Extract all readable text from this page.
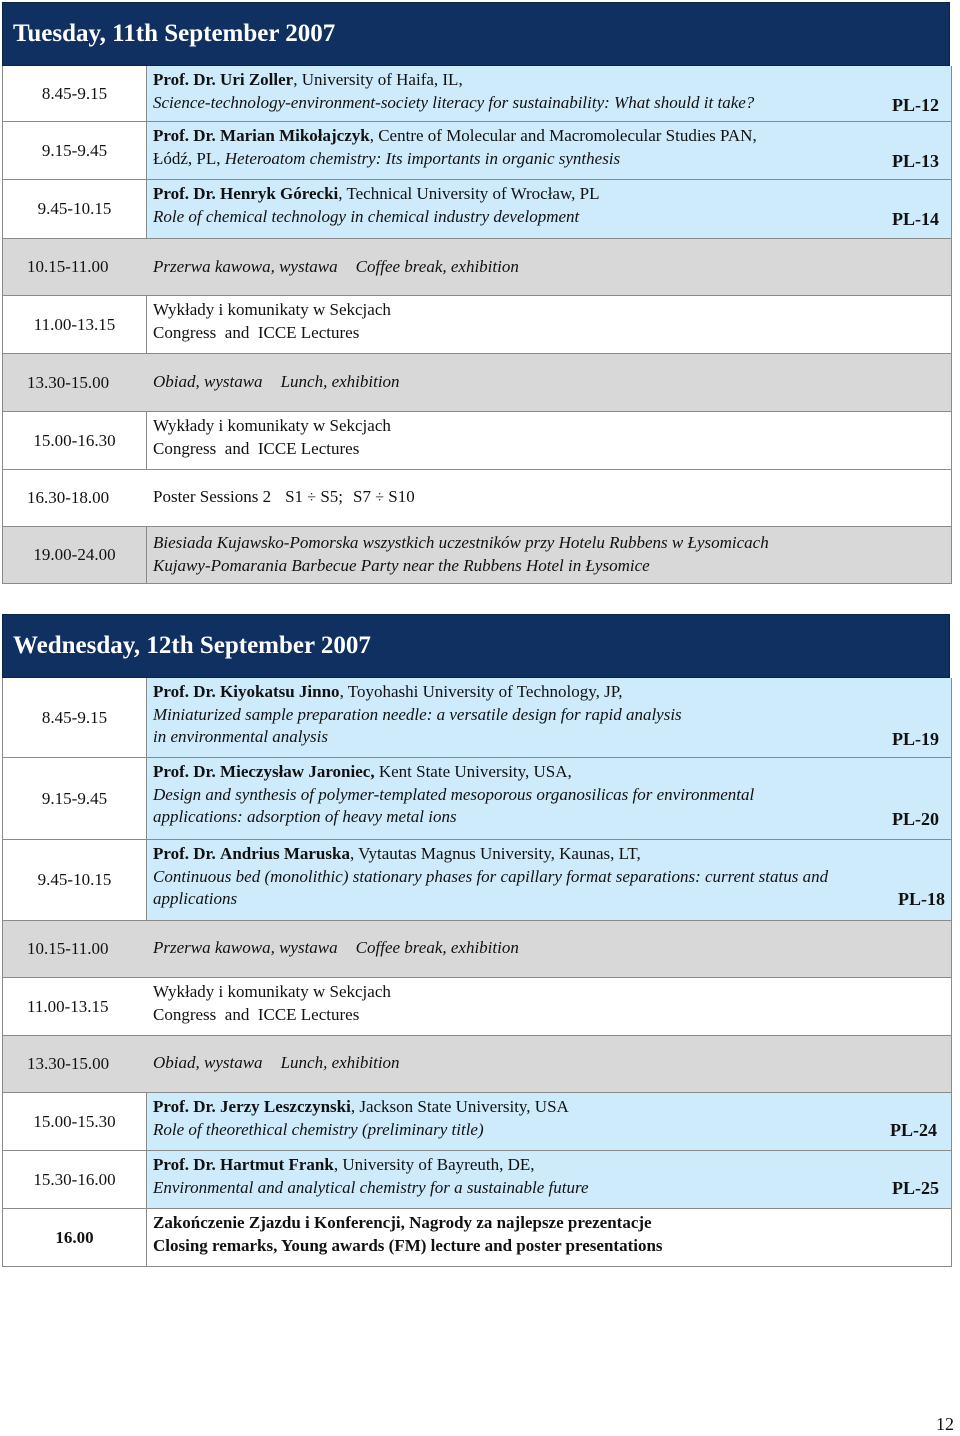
Tuesday, 11th September 2007
8.45-9.15
Prof. Dr. Uri Zoller, University of Haifa, IL,
Science-technology-environment-society literacy for sustainability: What should it take?	PL-12
9.15-9.45
Prof. Dr. Marian Mikołajczyk, Centre of Molecular and Macromolecular Studies PAN,
Łódź, PL, Heteroatom chemistry: Its importants in organic synthesis	PL-13
9.45-10.15
Prof. Dr. Henryk Górecki, Technical University of Wrocław, PL
Role of chemical technology in chemical industry development	PL-14
10.15-11.00	Przerwa kawowa, wystawa Coffee break, exhibition
11.00-13.15
Wykłady i komunikaty w Sekcjach
Congress  and  ICCE Lectures
13.30-15.00	Obiad, wystawa Lunch, exhibition
15.00-16.30
Wykłady i komunikaty w Sekcjach
Congress  and  ICCE Lectures
16.30-18.00	Poster Sessions 2 S1 ÷ S5; S7 ÷ S10
19.00-24.00
Biesiada Kujawsko-Pomorska wszystkich uczestników przy Hotelu Rubbens w Łysomicach
Kujawy-Pomarania Barbecue Party near the Rubbens Hotel in Łysomice
Wednesday, 12th September 2007
8.45-9.15
Prof. Dr. Kiyokatsu Jinno, Toyohashi University of Technology, JP,
Miniaturized sample preparation needle: a versatile design for rapid analysis
in environmental analysis	PL-19
9.15-9.45
Prof. Dr. Mieczysław Jaroniec, Kent State University, USA,
Design and synthesis of polymer-templated mesoporous organosilicas for environmental
applications: adsorption of heavy metal ions	PL-20
9.45-10.15
Prof. Dr. Andrius Maruska, Vytautas Magnus University, Kaunas, LT,
Continuous bed (monolithic) stationary phases for capillary format separations: current status and
applications	PL-18
10.15-11.00	Przerwa kawowa, wystawa Coffee break, exhibition
11.00-13.15
Wykłady i komunikaty w Sekcjach
Congress  and  ICCE Lectures
13.30-15.00	Obiad, wystawa Lunch, exhibition
15.00-15.30
Prof. Dr. Jerzy Leszczynski, Jackson State University, USA
Role of theorethical chemistry (preliminary title)	PL-24
15.30-16.00
Prof. Dr. Hartmut Frank, University of Bayreuth, DE,
Environmental and analytical chemistry for a sustainable future	PL-25
16.00
Zakończenie Zjazdu i Konferencji, Nagrody za najlepsze prezentacje
Closing remarks, Young awards (FM) lecture and poster presentations
12
